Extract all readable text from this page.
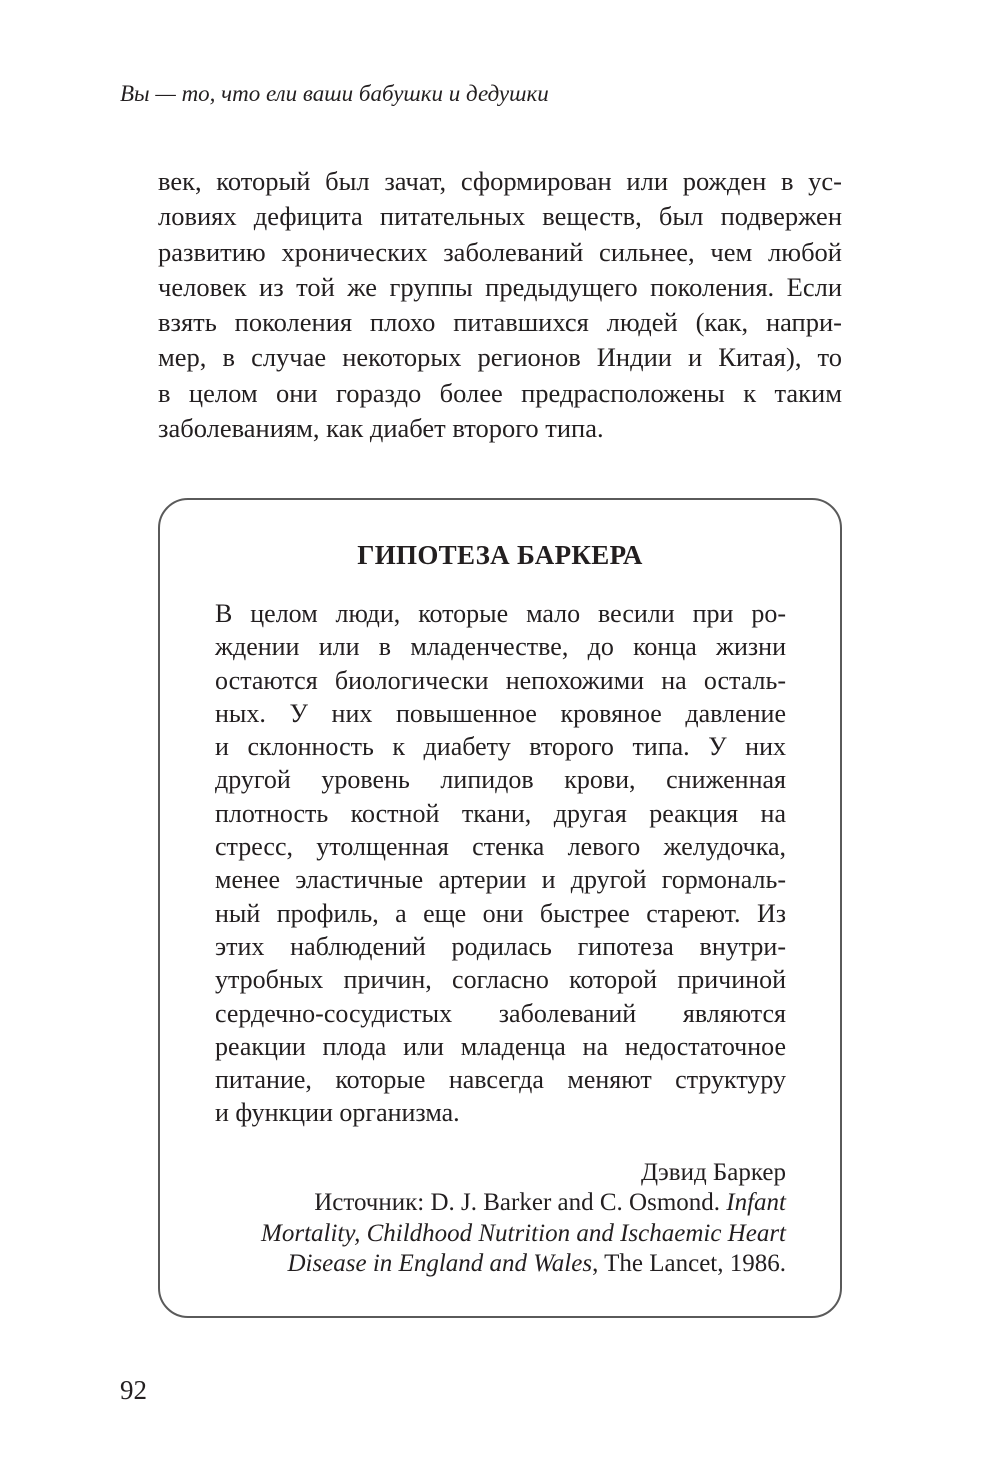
Вы — то, что ели ваши бабушки и дедушки
век, который был зачат, сформирован или рожден в ус-
ловиях дефицита питательных веществ, был подвержен
развитию хронических заболеваний сильнее, чем любой
человек из той же группы предыдущего поколения. Если
взять поколения плохо питавшихся людей (как, напри-
мер, в случае некоторых регионов Индии и Китая), то
в целом они гораздо более предрасположены к таким
заболеваниям, как диабет второго типа.
ГИПОТЕЗА БАРКЕРА
В целом люди, которые мало весили при ро-
ждении или в младенчестве, до конца жизни
остаются биологически непохожими на осталь-
ных. У них повышенное кровяное давление
и склонность к диабету второго типа. У них
другой уровень липидов крови, сниженная
плотность костной ткани, другая реакция на
стресс, утолщенная стенка левого желудочка,
менее эластичные артерии и другой гормональ-
ный профиль, а еще они быстрее стареют. Из
этих наблюдений родилась гипотеза внутри-
утробных причин, согласно которой причиной
сердечно-сосудистых заболеваний являются
реакции плода или младенца на недостаточное
питание, которые навсегда меняют структуру
и функции организма.
Дэвид Баркер
Источник: D. J. Barker and C. Osmond. Infant
Mortality, Childhood Nutrition and Ischaemic Heart
Disease in England and Wales, The Lancet, 1986.
92
